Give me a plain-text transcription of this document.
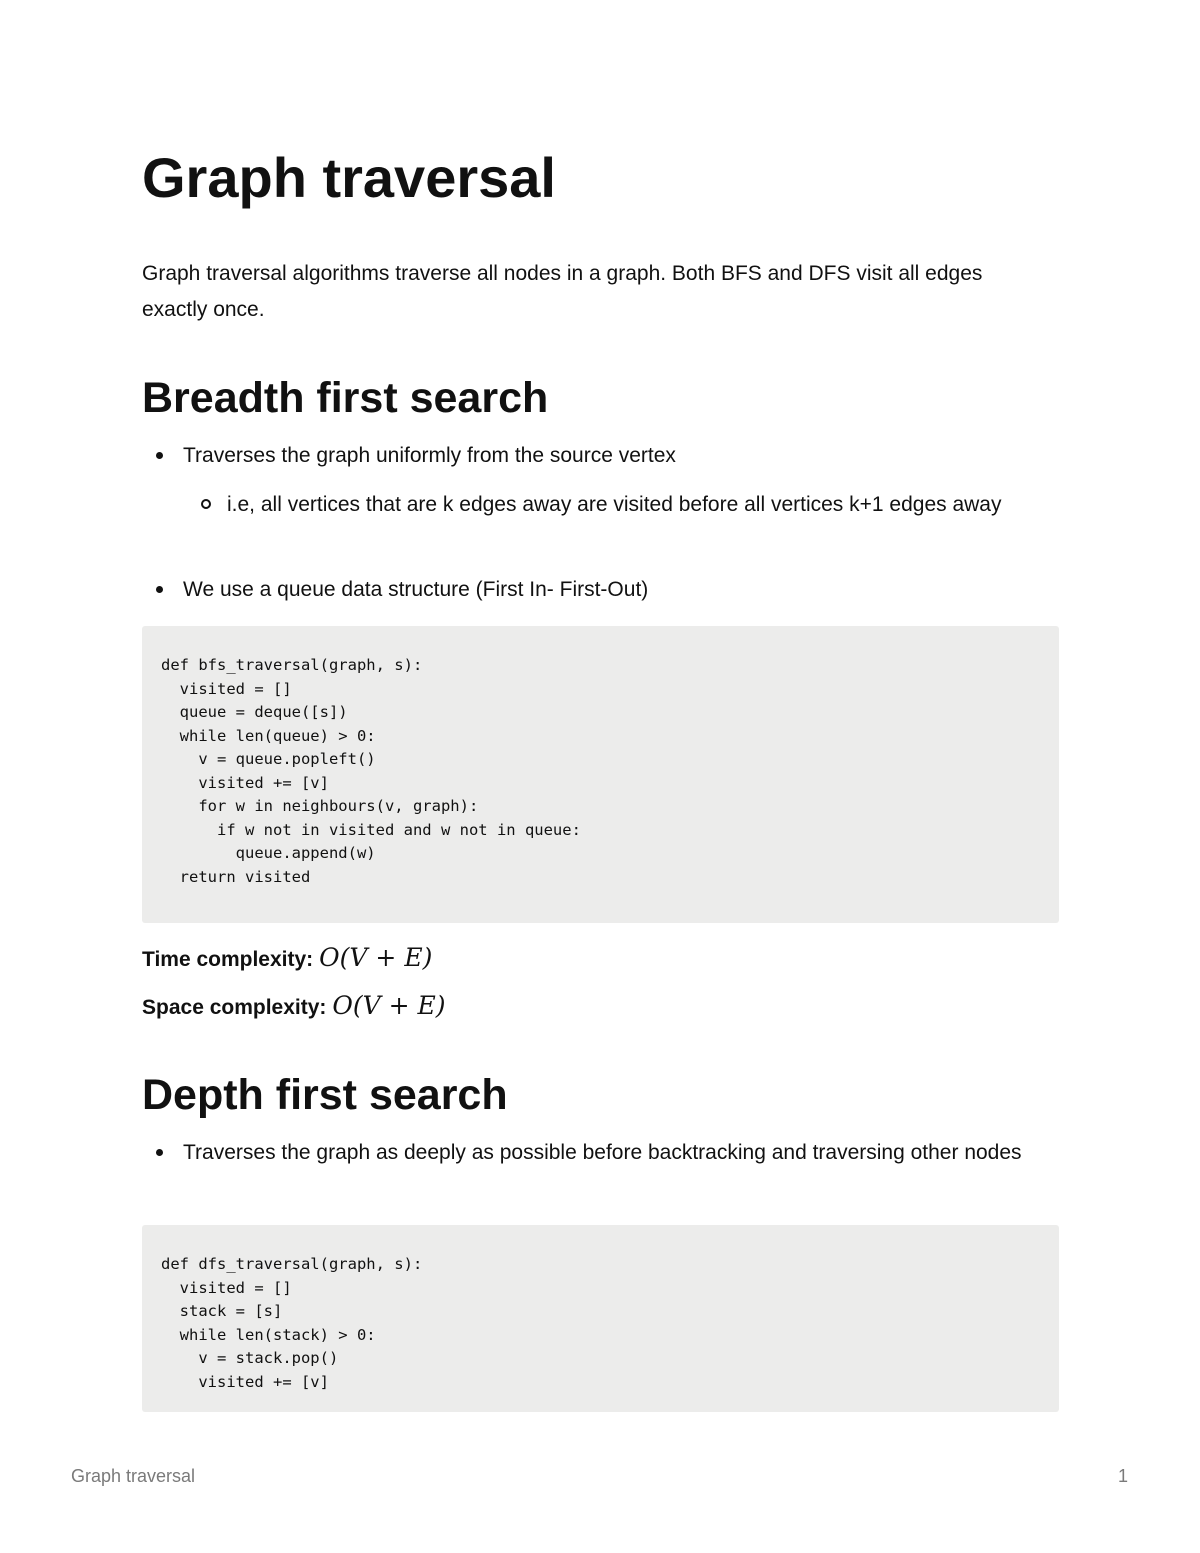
Graph traversal

Graph traversal algorithms traverse all nodes in a graph. Both BFS and DFS visit all edges exactly once.

Breadth first search
Traverses the graph uniformly from the source vertex
i.e, all vertices that are k edges away are visited before all vertices k+1 edges away
We use a queue data structure (First In- First-Out)
def bfs_traversal(graph, s):
visited = []
queue = deque([s])
while len(queue) > 0:
v = queue.popleft()
visited += [v]
for w in neighbours(v, graph):
if w not in visited and w not in queue:
queue.append(w)
return visited
Time complexity: O(V + E)
Space complexity: O(V + E)
Depth first search
Traverses the graph as deeply as possible before backtracking and traversing other nodes
def dfs_traversal(graph, s):
visited = []
stack = [s]
while len(stack) > 0:
v = stack.pop()
visited += [v]
Graph traversal	1
